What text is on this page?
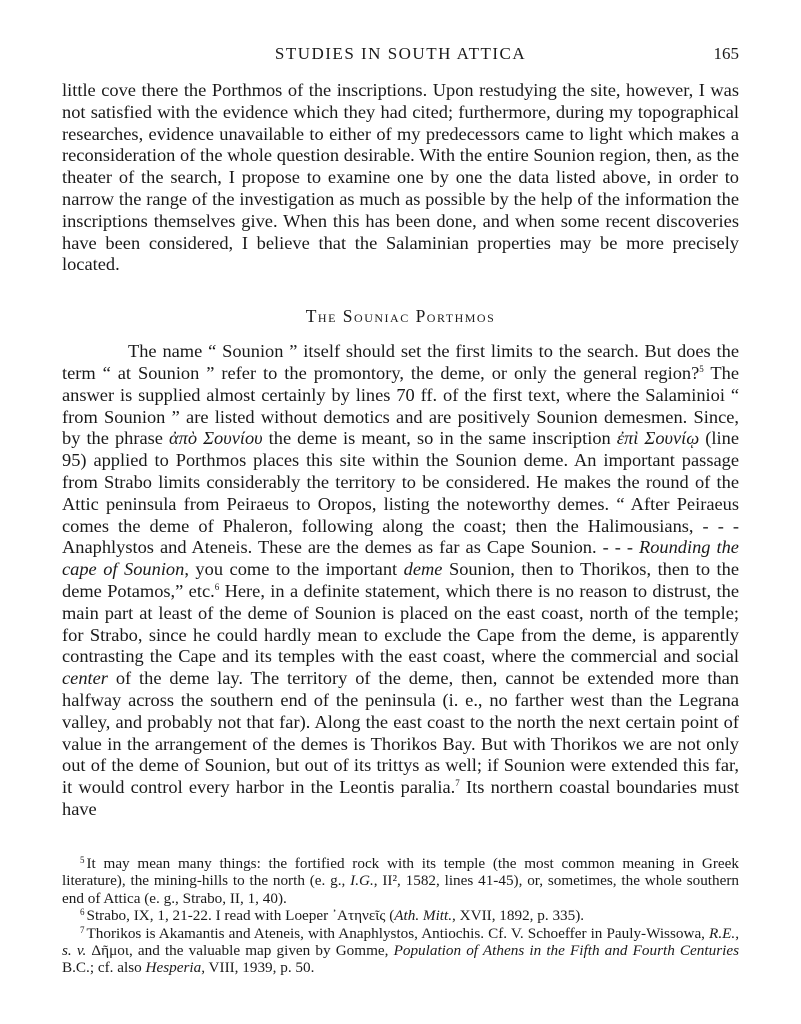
STUDIES IN SOUTH ATTICA	165

little cove there the Porthmos of the inscriptions. Upon restudying the site, however, I was not satisfied with the evidence which they had cited; furthermore, during my topographical researches, evidence unavailable to either of my predecessors came to light which makes a reconsideration of the whole question desirable. With the entire Sounion region, then, as the theater of the search, I propose to examine one by one the data listed above, in order to narrow the range of the investigation as much as possible by the help of the information the inscriptions themselves give. When this has been done, and when some recent discoveries have been considered, I believe that the Salaminian properties may be more precisely located.

The Souniac Porthmos

The name “ Sounion ” itself should set the first limits to the search. But does the term “ at Sounion ” refer to the promontory, the deme, or only the general region?$^5$ The answer is supplied almost certainly by lines 70 ff. of the first text, where the Salaminioi “ from Sounion ” are listed without demotics and are positively Sounion demesmen. Since, by the phrase ἀπὸ Σουνίου the deme is meant, so in the same inscription ἐπὶ Σουνίῳ (line 95) applied to Porthmos places this site within the Sounion deme. An important passage from Strabo limits considerably the territory to be considered. He makes the round of the Attic peninsula from Peiraeus to Oropos, listing the noteworthy demes. “ After Peiraeus comes the deme of Phaleron, following along the coast; then the Halimousians, - - - Anaphlystos and Ateneis. These are the demes as far as Cape Sounion. - - - Rounding the cape of Sounion, you come to the important deme Sounion, then to Thorikos, then to the deme Potamos,” etc.$^6$ Here, in a definite statement, which there is no reason to distrust, the main part at least of the deme of Sounion is placed on the east coast, north of the temple; for Strabo, since he could hardly mean to exclude the Cape from the deme, is apparently contrasting the Cape and its temples with the east coast, where the commercial and social center of the deme lay. The territory of the deme, then, cannot be extended more than halfway across the southern end of the peninsula (i. e., no farther west than the Legrana valley, and probably not that far). Along the east coast to the north the next certain point of value in the arrangement of the demes is Thorikos Bay. But with Thorikos we are not only out of the deme of Sounion, but out of its trittys as well; if Sounion were extended this far, it would control every harbor in the Leontis paralia.$^7$ Its northern coastal boundaries must have

$^5$ It may mean many things: the fortified rock with its temple (the most common meaning in Greek literature), the mining-hills to the north (e. g., I.G., II², 1582, lines 41-45), or, sometimes, the whole southern end of Attica (e. g., Strabo, II, 1, 40).

$^6$ Strabo, IX, 1, 21-22. I read with Loeper ᾿Ατηνεῖς (Ath. Mitt., XVII, 1892, p. 335).

$^7$ Thorikos is Akamantis and Ateneis, with Anaphlystos, Antiochis. Cf. V. Schoeffer in Pauly-Wissowa, R.E., s. v. Δῆμοι, and the valuable map given by Gomme, Population of Athens in the Fifth and Fourth Centuries B.C.; cf. also Hesperia, VIII, 1939, p. 50.
